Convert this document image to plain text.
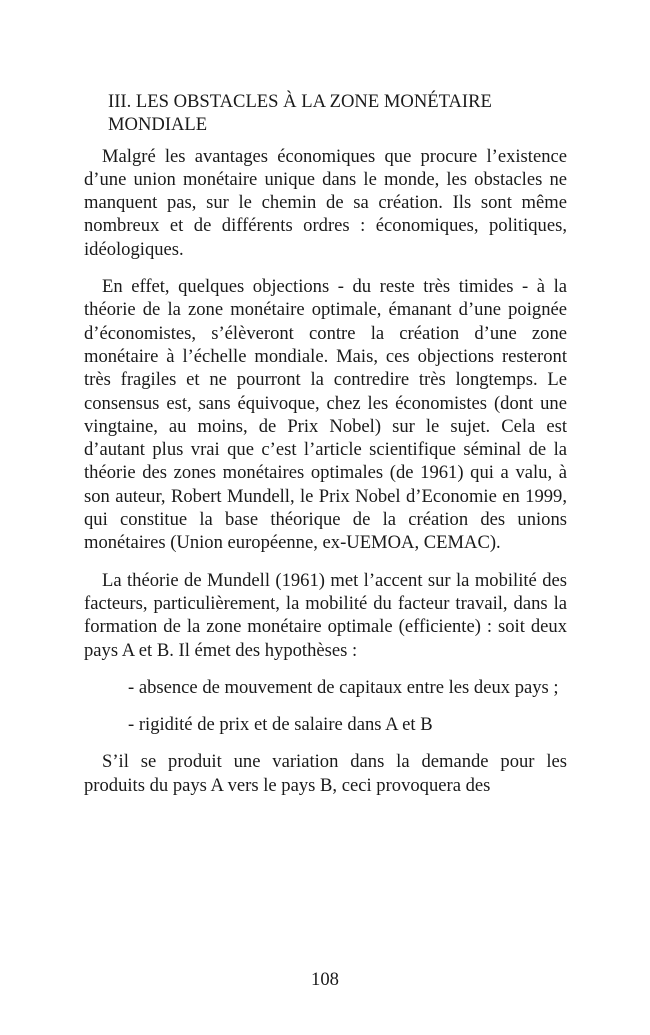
III. LES OBSTACLES À LA ZONE MONÉTAIRE MONDIALE

Malgré les avantages économiques que procure l’existence d’une union monétaire unique dans le monde, les obstacles ne manquent pas, sur le chemin de sa création. Ils sont même nombreux et de différents ordres : économiques, politiques, idéologiques.

En effet, quelques objections - du reste très timides - à la théorie de la zone monétaire optimale, émanant d’une poignée d’économistes, s’élèveront contre la création d’une zone monétaire à l’échelle mondiale. Mais, ces objections resteront très fragiles et ne pourront la contredire très longtemps. Le consensus est, sans équivoque, chez les économistes (dont une vingtaine, au moins, de Prix Nobel) sur le sujet. Cela est d’autant plus vrai que c’est l’article scientifique séminal de la théorie des zones monétaires optimales (de 1961) qui a valu, à son auteur, Robert Mundell, le Prix Nobel d’Economie en 1999, qui constitue la base théorique de la création des unions monétaires (Union européenne, ex-UEMOA, CEMAC).

La théorie de Mundell (1961) met l’accent sur la mobilité des facteurs, particulièrement, la mobilité du facteur travail, dans la formation de la zone monétaire optimale (efficiente) : soit deux pays A et B. Il émet des hypothèses :

- absence de mouvement de capitaux entre les deux pays ;

- rigidité de prix et de salaire dans A et B

S’il se produit une variation dans la demande pour les produits du pays A vers le pays B, ceci provoquera des

108
